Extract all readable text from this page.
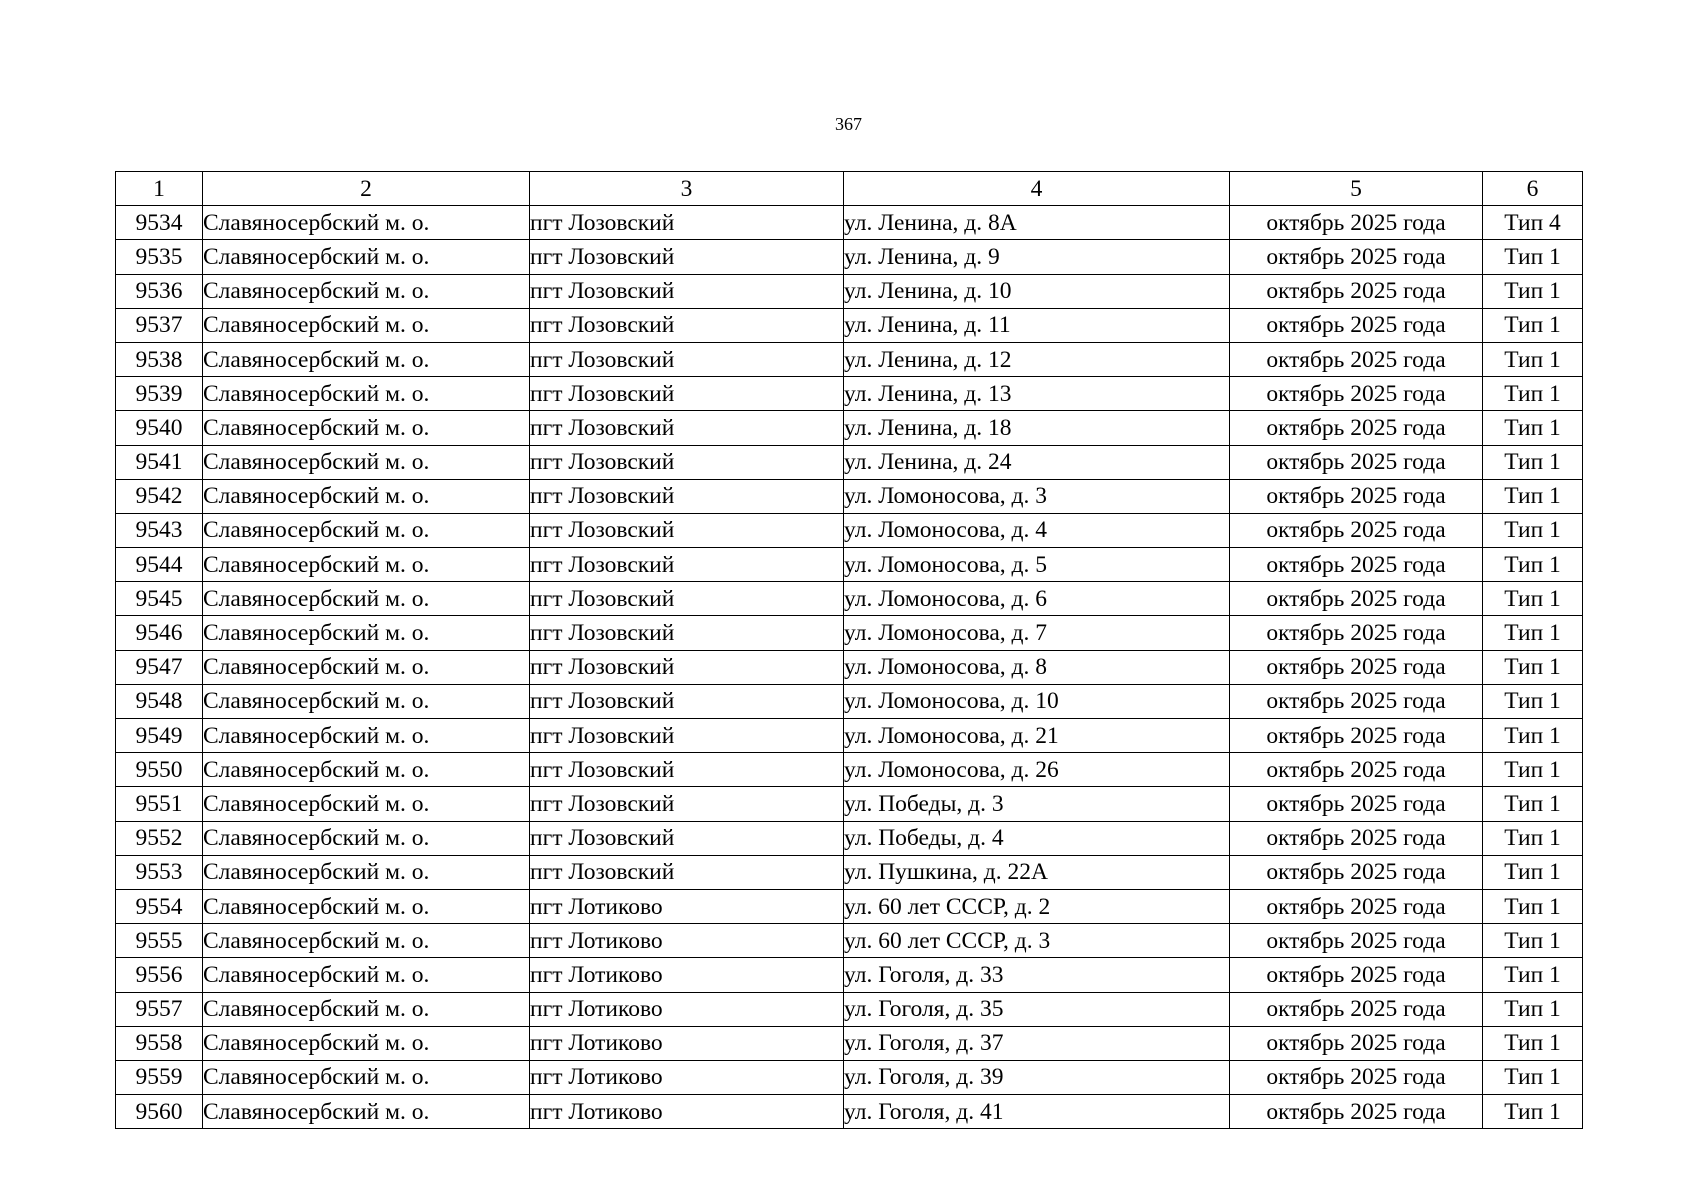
367
1	2	3	4	5	6
9534	Славяносербский м. о.	пгт Лозовский	ул. Ленина, д. 8А	октябрь 2025 года	Тип 4
9535	Славяносербский м. о.	пгт Лозовский	ул. Ленина, д. 9	октябрь 2025 года	Тип 1
9536	Славяносербский м. о.	пгт Лозовский	ул. Ленина, д. 10	октябрь 2025 года	Тип 1
9537	Славяносербский м. о.	пгт Лозовский	ул. Ленина, д. 11	октябрь 2025 года	Тип 1
9538	Славяносербский м. о.	пгт Лозовский	ул. Ленина, д. 12	октябрь 2025 года	Тип 1
9539	Славяносербский м. о.	пгт Лозовский	ул. Ленина, д. 13	октябрь 2025 года	Тип 1
9540	Славяносербский м. о.	пгт Лозовский	ул. Ленина, д. 18	октябрь 2025 года	Тип 1
9541	Славяносербский м. о.	пгт Лозовский	ул. Ленина, д. 24	октябрь 2025 года	Тип 1
9542	Славяносербский м. о.	пгт Лозовский	ул. Ломоносова, д. 3	октябрь 2025 года	Тип 1
9543	Славяносербский м. о.	пгт Лозовский	ул. Ломоносова, д. 4	октябрь 2025 года	Тип 1
9544	Славяносербский м. о.	пгт Лозовский	ул. Ломоносова, д. 5	октябрь 2025 года	Тип 1
9545	Славяносербский м. о.	пгт Лозовский	ул. Ломоносова, д. 6	октябрь 2025 года	Тип 1
9546	Славяносербский м. о.	пгт Лозовский	ул. Ломоносова, д. 7	октябрь 2025 года	Тип 1
9547	Славяносербский м. о.	пгт Лозовский	ул. Ломоносова, д. 8	октябрь 2025 года	Тип 1
9548	Славяносербский м. о.	пгт Лозовский	ул. Ломоносова, д. 10	октябрь 2025 года	Тип 1
9549	Славяносербский м. о.	пгт Лозовский	ул. Ломоносова, д. 21	октябрь 2025 года	Тип 1
9550	Славяносербский м. о.	пгт Лозовский	ул. Ломоносова, д. 26	октябрь 2025 года	Тип 1
9551	Славяносербский м. о.	пгт Лозовский	ул. Победы, д. 3	октябрь 2025 года	Тип 1
9552	Славяносербский м. о.	пгт Лозовский	ул. Победы, д. 4	октябрь 2025 года	Тип 1
9553	Славяносербский м. о.	пгт Лозовский	ул. Пушкина, д. 22А	октябрь 2025 года	Тип 1
9554	Славяносербский м. о.	пгт Лотиково	ул. 60 лет СССР, д. 2	октябрь 2025 года	Тип 1
9555	Славяносербский м. о.	пгт Лотиково	ул. 60 лет СССР, д. 3	октябрь 2025 года	Тип 1
9556	Славяносербский м. о.	пгт Лотиково	ул. Гоголя, д. 33	октябрь 2025 года	Тип 1
9557	Славяносербский м. о.	пгт Лотиково	ул. Гоголя, д. 35	октябрь 2025 года	Тип 1
9558	Славяносербский м. о.	пгт Лотиково	ул. Гоголя, д. 37	октябрь 2025 года	Тип 1
9559	Славяносербский м. о.	пгт Лотиково	ул. Гоголя, д. 39	октябрь 2025 года	Тип 1
9560	Славяносербский м. о.	пгт Лотиково	ул. Гоголя, д. 41	октябрь 2025 года	Тип 1
